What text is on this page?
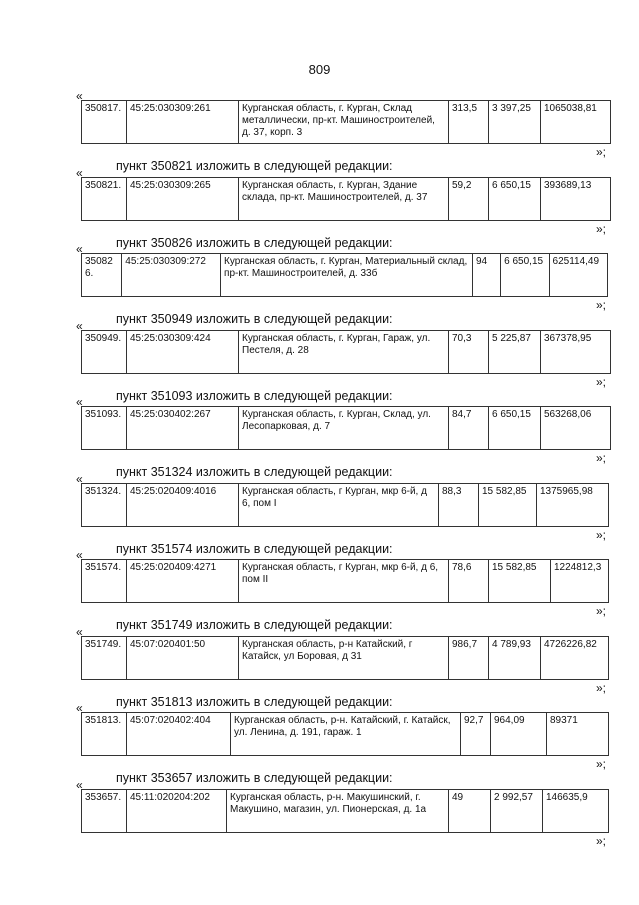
809
«
350817.	45:25:030309:261	Курганская область, г. Курган, Склад металлически, пр-кт. Машиностроителей, д. 37, корп. 3	313,5	3 397,25	1065038,81
»;
пункт 350821 изложить в следующей редакции:
«
350821.	45:25:030309:265	Курганская область, г. Курган, Здание склада, пр-кт. Машиностроителей, д. 37	59,2	6 650,15	393689,13
»;
пункт 350826 изложить в следующей редакции:
«
350826.	45:25:030309:272	Курганская область, г. Курган, Материальный склад, пр-кт. Машиностроителей, д. 33б	94	6 650,15	625114,49
»;
пункт 350949 изложить в следующей редакции:
«
350949.	45:25:030309:424	Курганская область, г. Курган, Гараж, ул. Пестеля, д. 28	70,3	5 225,87	367378,95
»;
пункт 351093 изложить в следующей редакции:
«
351093.	45:25:030402:267	Курганская область, г. Курган, Склад, ул. Лесопарковая, д. 7	84,7	6 650,15	563268,06
»;
пункт 351324 изложить в следующей редакции:
«
351324.	45:25:020409:4016	Курганская область, г Курган, мкр 6-й, д 6, пом I	88,3	15 582,85	1375965,98
»;
пункт 351574 изложить в следующей редакции:
«
351574.	45:25:020409:4271	Курганская область, г Курган, мкр 6-й, д 6, пом II	78,6	15 582,85	1224812,3
»;
пункт 351749 изложить в следующей редакции:
«
351749.	45:07:020401:50	Курганская область, р-н Катайский, г Катайск, ул Боровая, д 31	986,7	4 789,93	4726226,82
»;
пункт 351813 изложить в следующей редакции:
«
351813.	45:07:020402:404	Курганская область, р-н. Катайский, г. Катайск, ул. Ленина, д. 191, гараж. 1	92,7	964,09	89371
»;
пункт 353657 изложить в следующей редакции:
«
353657.	45:11:020204:202	Курганская область, р-н. Макушинский, г. Макушино, магазин, ул. Пионерская, д. 1а	49	2 992,57	146635,9
»;
